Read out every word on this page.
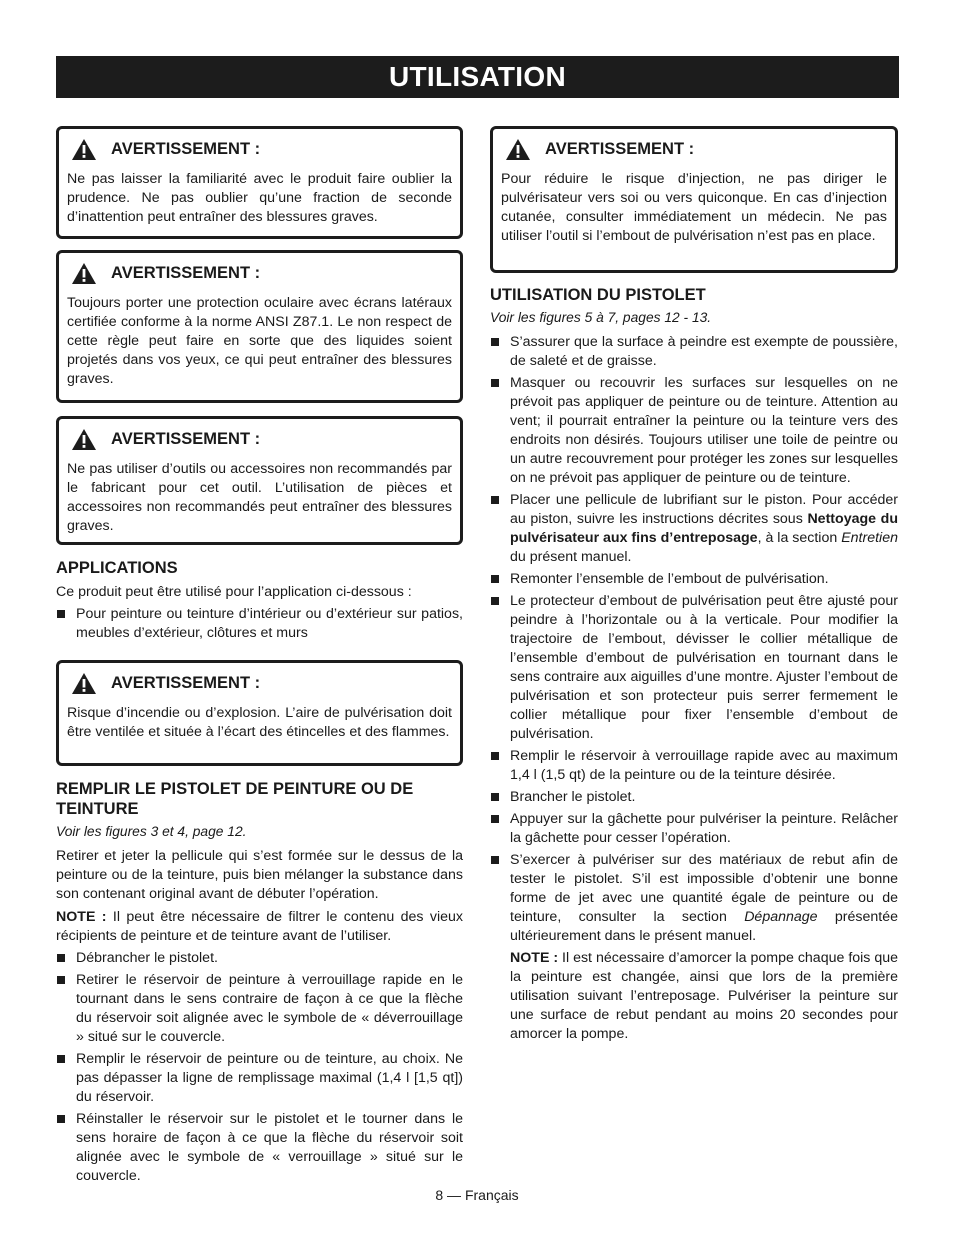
UTILISATION
AVERTISSEMENT :

Ne pas laisser la familiarité avec le produit faire oublier la prudence. Ne pas oublier qu’une fraction de seconde d’inattention peut entraîner des blessures graves.

AVERTISSEMENT :

Toujours porter une protection oculaire avec écrans latéraux certifiée conforme à la norme ANSI Z87.1. Le non respect de cette règle peut faire en sorte que des liquides soient projetés dans vos yeux, ce qui peut entraîner des blessures graves.

AVERTISSEMENT :

Ne pas utiliser d’outils ou accessoires non recommandés par le fabricant pour cet outil. L’utilisation de pièces et accessoires non recommandés peut entraîner des blessures graves.

APPLICATIONS

Ce produit peut être utilisé pour l’application ci-dessous :

Pour peinture ou teinture d’intérieur ou d’extérieur sur patios, meubles d’extérieur, clôtures et murs
AVERTISSEMENT :

Risque d’incendie ou d’explosion. L’aire de pulvérisation doit être ventilée et située à l’écart des étincelles et des flammes.

REMPLIR LE PISTOLET DE PEINTURE OU DE TEINTURE
Voir les figures 3 et 4, page 12.

Retirer et jeter la pellicule qui s’est formée sur le dessus de la peinture ou de la teinture, puis bien mélanger la substance dans son contenant original avant de débuter l’opération.

NOTE : Il peut être nécessaire de filtrer le contenu des vieux récipients de peinture et de teinture avant de l’utiliser.

Débrancher le pistolet.
Retirer le réservoir de peinture à verrouillage rapide en le tournant dans le sens contraire de façon à ce que la flèche du réservoir soit alignée avec le symbole de « déverrouillage » situé sur le couvercle.
Remplir le réservoir de peinture ou de teinture, au choix. Ne pas dépasser la ligne de remplissage maximal (1,4 l [1,5 qt]) du réservoir.
Réinstaller le réservoir sur le pistolet et le tourner dans le sens horaire de façon à ce que la flèche du réservoir soit alignée avec le symbole de « verrouillage » situé sur le couvercle.
AVERTISSEMENT :

Pour réduire le risque d’injection, ne pas diriger le pulvérisateur vers soi ou vers quiconque. En cas d’injection cutanée, consulter immédiatement un médecin. Ne pas utiliser l’outil si l’embout de pulvérisation n’est pas en place.

UTILISATION DU PISTOLET
Voir les figures 5 à 7, pages 12 - 13.
S’assurer que la surface à peindre est exempte de poussière, de saleté et de graisse.
Masquer ou recouvrir les surfaces sur lesquelles on ne prévoit pas appliquer de peinture ou de teinture. Attention au vent; il pourrait entraîner la peinture ou la teinture vers des endroits non désirés. Toujours utiliser une toile de peintre ou un autre recouvrement pour protéger les zones sur lesquelles on ne prévoit pas appliquer de peinture ou de teinture.
Placer une pellicule de lubrifiant sur le piston. Pour accéder au piston, suivre les instructions décrites sous Nettoyage du pulvérisateur aux fins d’entreposage, à la section Entretien du présent manuel.
Remonter l’ensemble de l’embout de pulvérisation.
Le protecteur d’embout de pulvérisation peut être ajusté pour peindre à l’horizontale ou à la verticale. Pour modifier la trajectoire de l’embout, dévisser le collier métallique de l’ensemble d’embout de pulvérisation en tournant dans le sens contraire aux aiguilles d’une montre. Ajuster l’embout de pulvérisation et son protecteur puis serrer fermement le collier métallique pour fixer l’ensemble d’embout de pulvérisation.
Remplir le réservoir à verrouillage rapide avec au maximum 1,4 l (1,5 qt) de la peinture ou de la teinture désirée.
Brancher le pistolet.
Appuyer sur la gâchette pour pulvériser la peinture. Relâcher la gâchette pour cesser l’opération.
S’exercer à pulvériser sur des matériaux de rebut afin de tester le pistolet. S’il est impossible d’obtenir une bonne forme de jet avec une quantité égale de peinture ou de teinture, consulter la section Dépannage présentée ultérieurement dans le présent manuel.
NOTE : Il est nécessaire d’amorcer la pompe chaque fois que la peinture est changée, ainsi que lors de la première utilisation suivant l’entreposage. Pulvériser la peinture sur une surface de rebut pendant au moins 20 secondes pour amorcer la pompe.
8 — Français
